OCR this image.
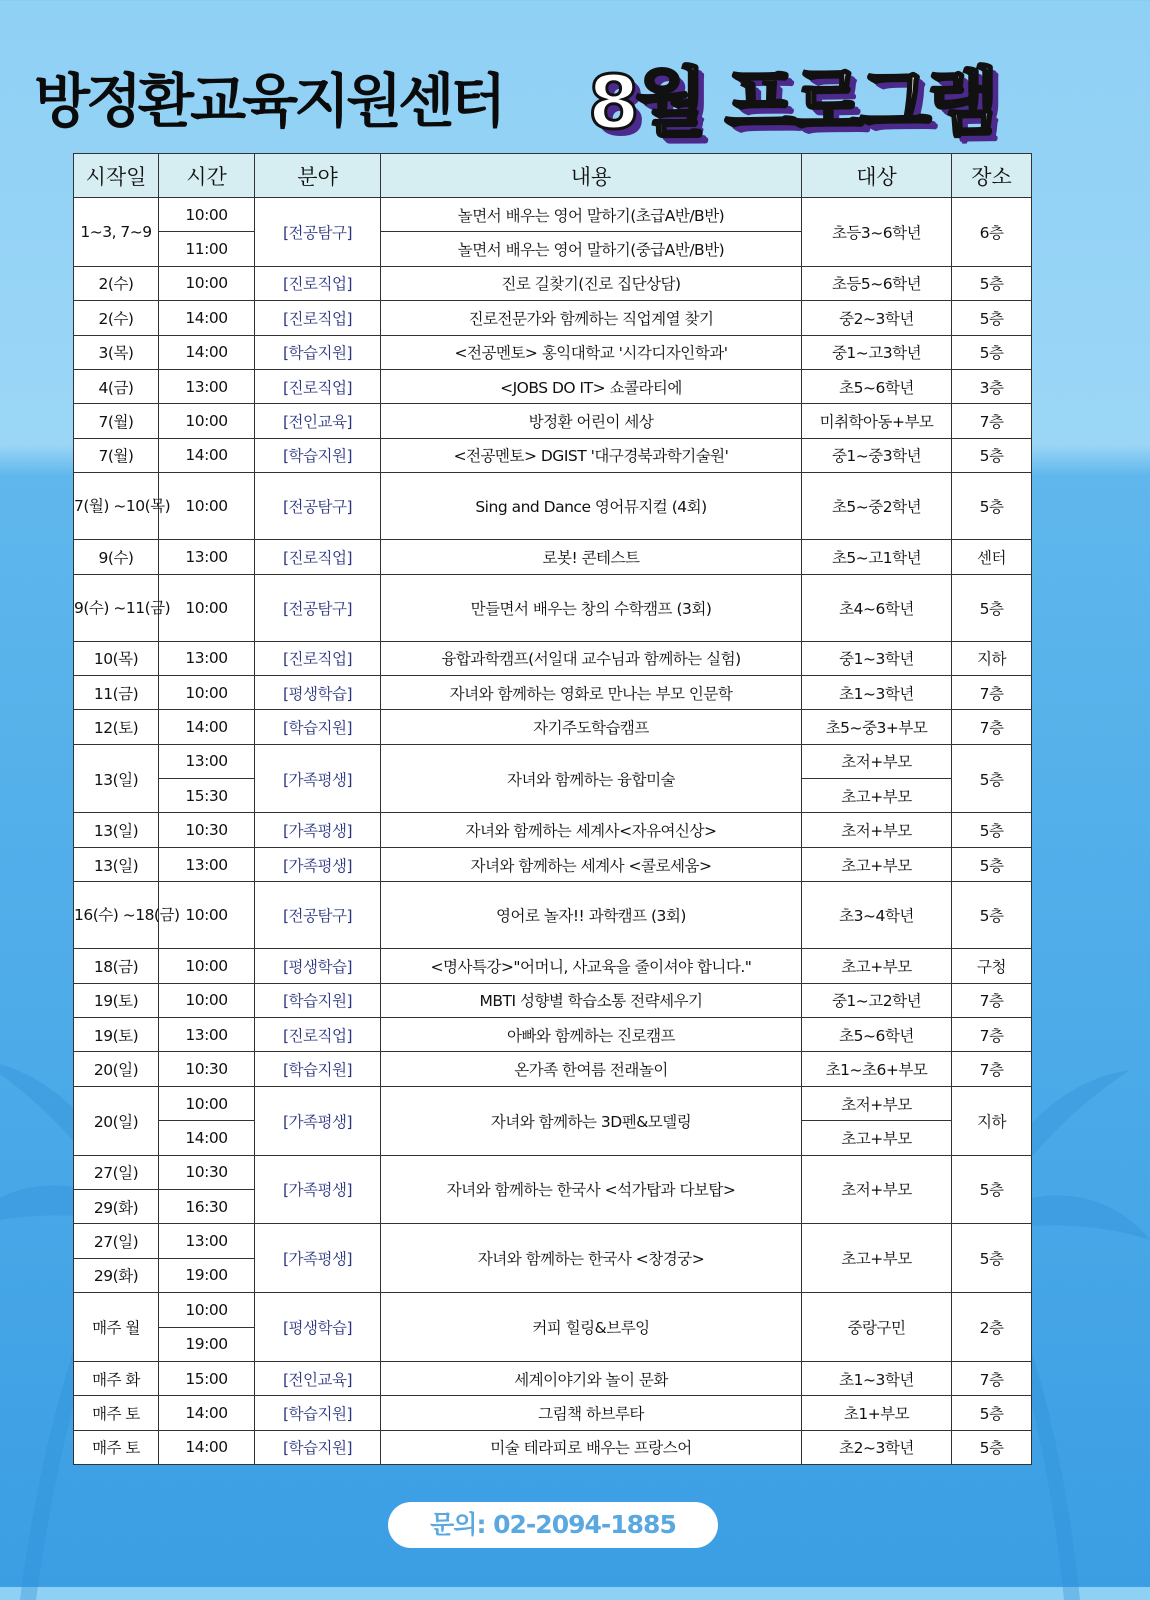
방정환교육지원센터 8월 프로그램
시작일	시간	분야	내용	대상	장소
1~3, 7~9	10:00	[전공탐구]	놀면서 배우는 영어 말하기(초급A반/B반)	초등3~6학년	6층
	11:00		놀면서 배우는 영어 말하기(중급A반/B반)		
2(수)	10:00	[진로직업]	진로 길찾기(진로 집단상담)	초등5~6학년	5층
2(수)	14:00	[진로직업]	진로전문가와 함께하는 직업계열 찾기	중2~3학년	5층
3(목)	14:00	[학습지원]	<전공멘토> 홍익대학교 '시각디자인학과'	중1~고3학년	5층
4(금)	13:00	[진로직업]	<JOBS DO IT> 쇼콜라티에	초5~6학년	3층
7(월)	10:00	[전인교육]	방정환 어린이 세상	미취학아동+부모	7층
7(월)	14:00	[학습지원]	<전공멘토> DGIST '대구경북과학기술원'	중1~중3학년	5층
7(월) ~10(목)	10:00	[전공탐구]	Sing and Dance 영어뮤지컬 (4회)	초5~중2학년	5층
9(수)	13:00	[진로직업]	로봇! 콘테스트	초5~고1학년	센터
9(수) ~11(금)	10:00	[전공탐구]	만들면서 배우는 창의 수학캠프 (3회)	초4~6학년	5층
10(목)	13:00	[진로직업]	융합과학캠프(서일대 교수님과 함께하는 실험)	중1~3학년	지하
11(금)	10:00	[평생학습]	자녀와 함께하는 영화로 만나는 부모 인문학	초1~3학년	7층
12(토)	14:00	[학습지원]	자기주도학습캠프	초5~중3+부모	7층
13(일)	13:00	[가족평생]	자녀와 함께하는 융합미술	초저+부모	5층
	15:30			초고+부모	
13(일)	10:30	[가족평생]	자녀와 함께하는 세계사<자유여신상>	초저+부모	5층
13(일)	13:00	[가족평생]	자녀와 함께하는 세계사 <콜로세움>	초고+부모	5층
16(수) ~18(금)	10:00	[전공탐구]	영어로 놀자!! 과학캠프 (3회)	초3~4학년	5층
18(금)	10:00	[평생학습]	<명사특강>"어머니, 사교육을 줄이셔야 합니다."	초고+부모	구청
19(토)	10:00	[학습지원]	MBTI 성향별 학습소통 전략세우기	중1~고2학년	7층
19(토)	13:00	[진로직업]	아빠와 함께하는 진로캠프	초5~6학년	7층
20(일)	10:30	[학습지원]	온가족 한여름 전래놀이	초1~초6+부모	7층
20(일)	10:00	[가족평생]	자녀와 함께하는 3D펜&모델링	초저+부모	지하
	14:00			초고+부모	
27(일)	10:30	[가족평생]	자녀와 함께하는 한국사 <석가탑과 다보탑>	초저+부모	5층
29(화)	16:30				
27(일)	13:00	[가족평생]	자녀와 함께하는 한국사 <창경궁>	초고+부모	5층
29(화)	19:00				
매주 월	10:00	[평생학습]	커피 힐링&브루잉	중랑구민	2층
	19:00				
매주 화	15:00	[전인교육]	세계이야기와 놀이 문화	초1~3학년	7층
매주 토	14:00	[학습지원]	그림책 하브루타	초1+부모	5층
매주 토	14:00	[학습지원]	미술 테라피로 배우는 프랑스어	초2~3학년	5층
문의: 02-2094-1885
